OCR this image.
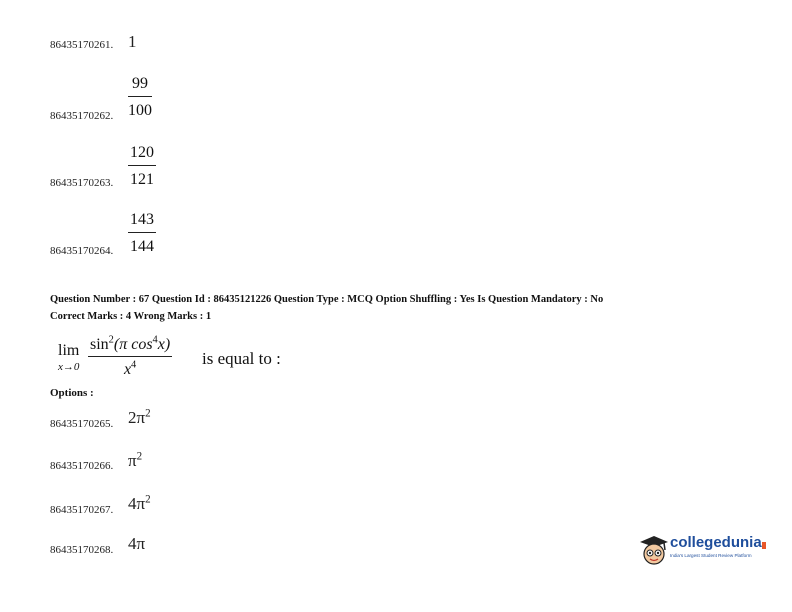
86435170261. 1
86435170262. $\frac{99}{100}$
86435170263. $\frac{120}{121}$
86435170264. $\frac{143}{144}$
Question Number : 67 Question Id : 86435121226 Question Type : MCQ Option Shuffling : Yes Is Question Mandatory : No
Correct Marks : 4 Wrong Marks : 1
lim
$x\to 0 \frac{\sin^2(\pi \cos^4x)}{x^4}$ is equal to :
Options :
86435170265. $2\pi^2$
86435170266. $\pi^2$
86435170267. $4\pi^2$
86435170268. 4π	collegedunia
India's Largest Student Review Platform
